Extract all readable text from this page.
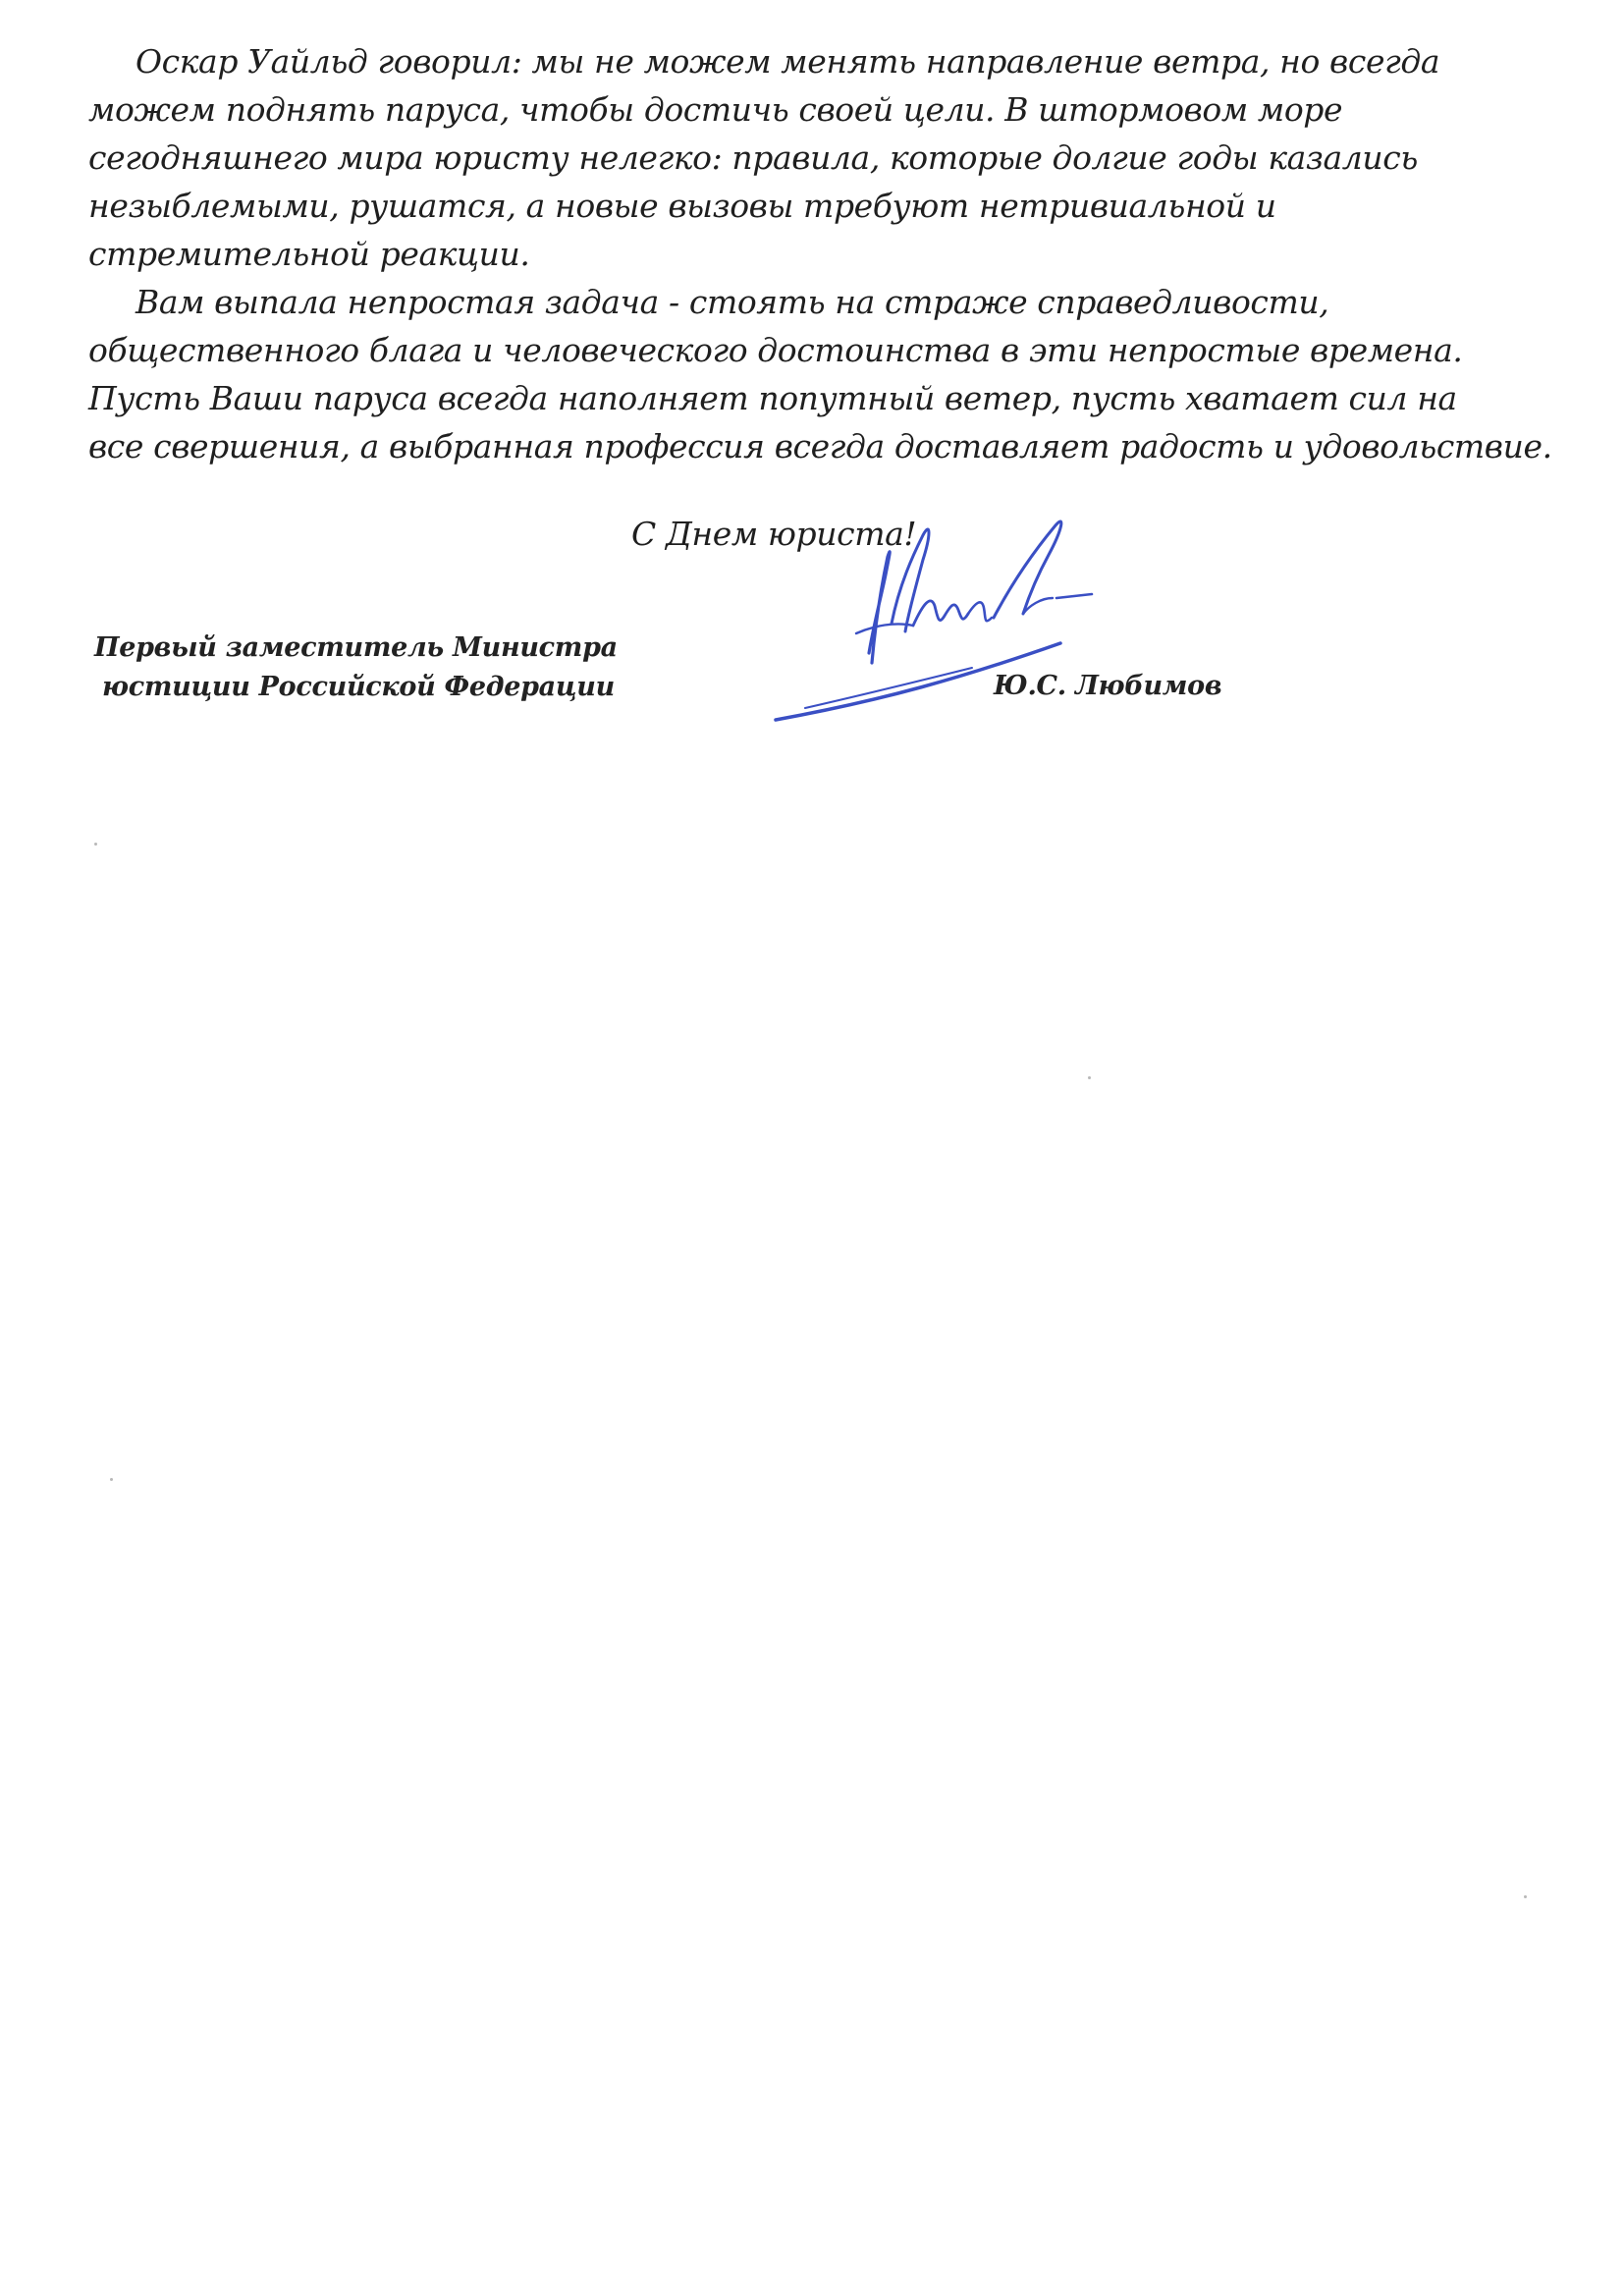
Оскар Уайльд говорил: мы не можем менять направление ветра, но всегда
можем поднять паруса, чтобы достичь своей цели. В штормовом море
сегодняшнего мира юристу нелегко: правила, которые долгие годы казались
незыблемыми, рушатся, а новые вызовы требуют нетривиальной и
стремительной реакции.
Вам выпала непростая задача - стоять на страже справедливости,
общественного блага и человеческого достоинства в эти непростые времена.
Пусть Ваши паруса всегда наполняет попутный ветер, пусть хватает сил на
все свершения, а выбранная профессия всегда доставляет радость и удовольствие.
С Днем юриста!
Первый заместитель Министра
юстиции Российской Федерации	Ю.С. Любимов
